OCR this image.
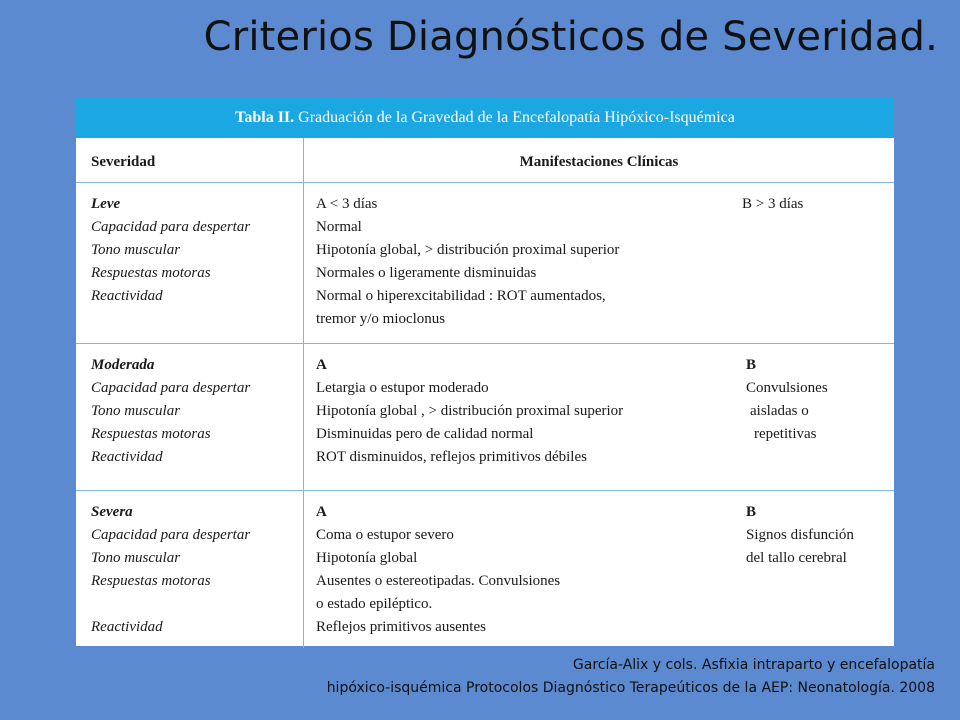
Criterios Diagnósticos de Severidad.
Tabla II. Graduación de la Gravedad de la Encefalopatía Hipóxico-Isquémica
Severidad	Manifestaciones Clínicas
Leve
Capacidad para despertar
Tono muscular
Respuestas motoras
Reactividad
A < 3 días
Normal
Hipotonía global, > distribución proximal superior
Normales o ligeramente disminuidas
Normal o hiperexcitabilidad : ROT aumentados,
tremor y/o mioclonus
B > 3 días
Moderada
Capacidad para despertar
Tono muscular
Respuestas motoras
Reactividad
A
Letargia o estupor moderado
Hipotonía global , > distribución proximal superior
Disminuidas pero de calidad normal
ROT disminuidos, reflejos primitivos débiles
B
Convulsiones
aisladas o
repetitivas
Severa
Capacidad para despertar
Tono muscular
Respuestas motoras
Reactividad
A
Coma o estupor severo
Hipotonía global
Ausentes o estereotipadas. Convulsiones
o estado epiléptico.
Reflejos primitivos ausentes
B
Signos disfunción
del tallo cerebral
García-Alix y cols. Asfixia intraparto y encefalopatía
hipóxico-isquémica Protocolos Diagnóstico Terapeúticos de la AEP: Neonatología. 2008
